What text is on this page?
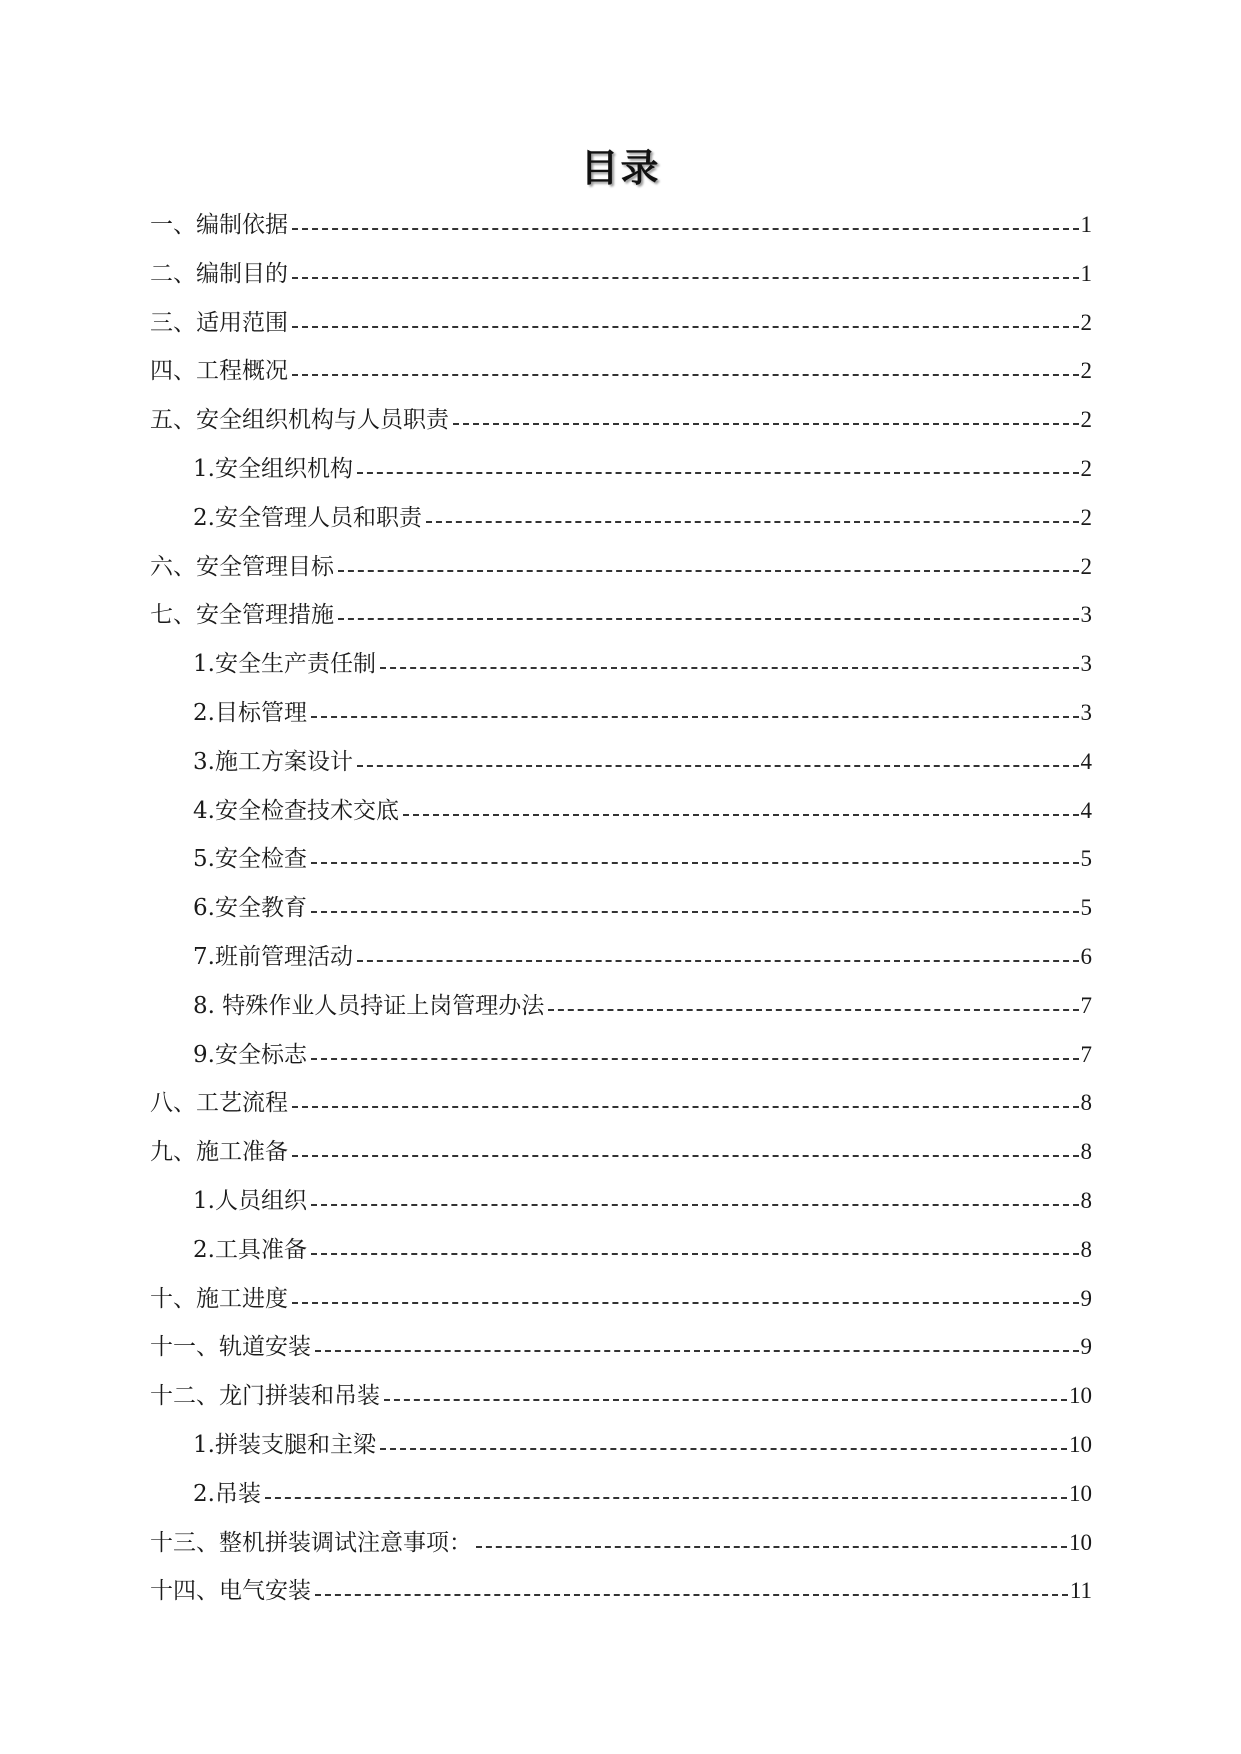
目录
一、编制依据	1
二、编制目的	1
三、适用范围	2
四、工程概况	2
五、安全组织机构与人员职责	2
1.安全组织机构	2
2.安全管理人员和职责	2
六、安全管理目标	2
七、安全管理措施	3
1.安全生产责任制	3
2.目标管理	3
3.施工方案设计	4
4.安全检查技术交底	4
5.安全检查	5
6.安全教育	5
7.班前管理活动	6
8. 特殊作业人员持证上岗管理办法	7
9.安全标志	7
八、工艺流程	8
九、施工准备	8
1.人员组织	8
2.工具准备	8
十、施工进度	9
十一、轨道安装	9
十二、龙门拼装和吊装	10
1.拼装支腿和主梁	10
2.吊装	10
十三、整机拼装调试注意事项：	10
十四、电气安装	11
